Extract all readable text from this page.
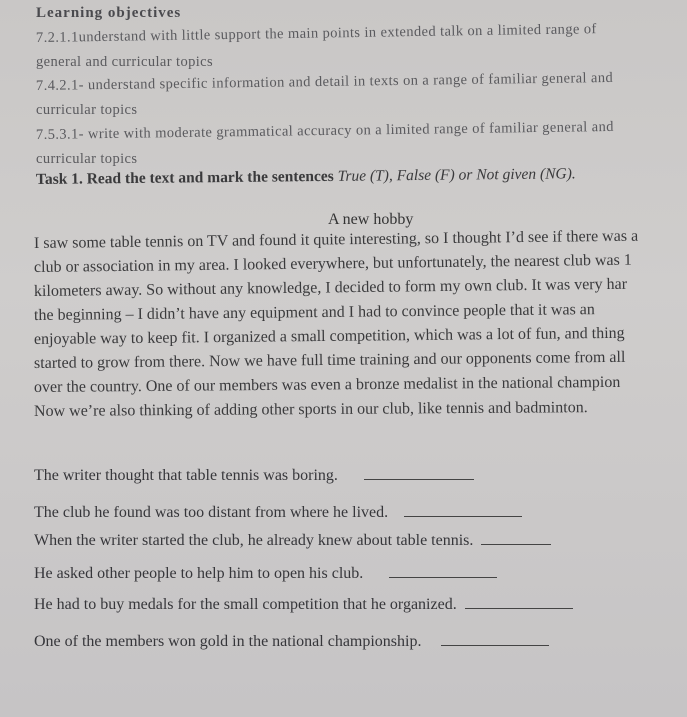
Learning objectives
7.2.1.1understand with little support the main points in extended talk on a limited range of
general and curricular topics
7.4.2.1- understand specific information and detail in texts on a range of familiar general and
curricular topics
7.5.3.1- write with moderate grammatical accuracy on a limited range of familiar general and
curricular topics
Task 1. Read the text and mark the sentences True (T), False (F) or Not given (NG).
A new hobby
I saw some table tennis on TV and found it quite interesting, so I thought I’d see if there was a
club or association in my area. I looked everywhere, but unfortunately, the nearest club was 1
kilometers away. So without any knowledge, I decided to form my own club. It was very har
the beginning – I didn’t have any equipment and I had to convince people that it was an
enjoyable way to keep fit. I organized a small competition, which was a lot of fun, and thing
started to grow from there. Now we have full time training and our opponents come from all
over the country. One of our members was even a bronze medalist in the national champion
Now we’re also thinking of adding other sports in our club, like tennis and badminton.
The writer thought that table tennis was boring.
The club he found was too distant from where he lived.
When the writer started the club, he already knew about table tennis.
He asked other people to help him to open his club.
He had to buy medals for the small competition that he organized.
One of the members won gold in the national championship.
